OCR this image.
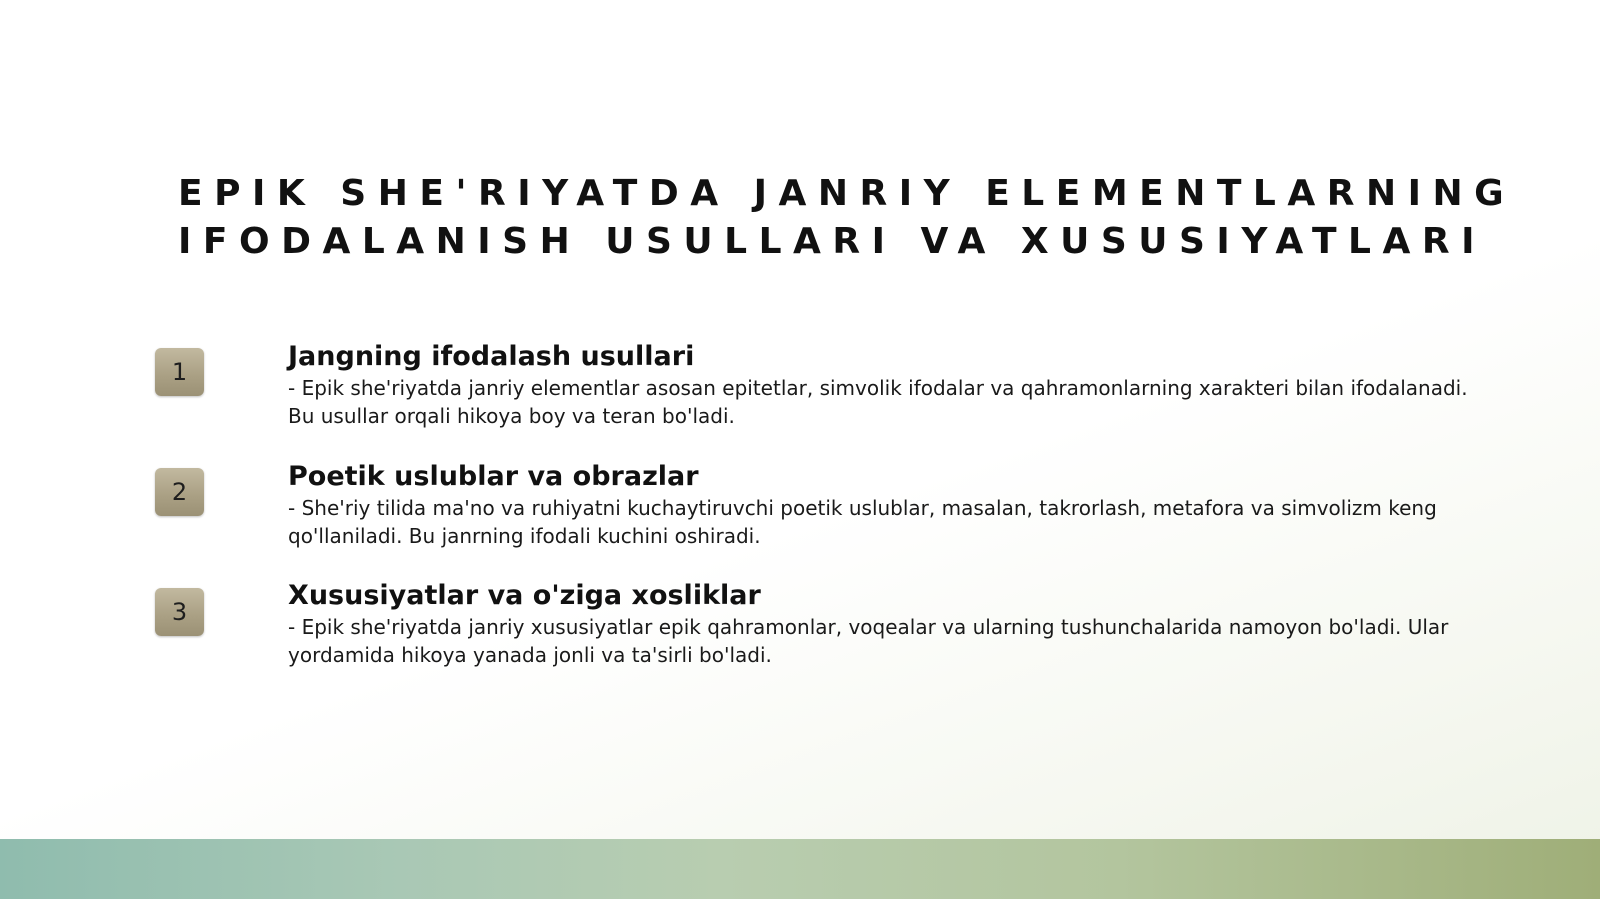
EPIK SHE'RIYATDA JANRIY ELEMENTLARNING
IFODALANISH USULLARI VA XUSUSIYATLARI
1	Jangning ifodalash usullari

- Epik she'riyatda janriy elementlar asosan epitetlar, simvolik ifodalar va qahramonlarning xarakteri bilan ifodalanadi. Bu usullar orqali hikoya boy va teran bo'ladi.

2	Poetik uslublar va obrazlar

- She'riy tilida ma'no va ruhiyatni kuchaytiruvchi poetik uslublar, masalan, takrorlash, metafora va simvolizm keng qo'llaniladi. Bu janrning ifodali kuchini oshiradi.

3
Xususiyatlar va o'ziga xosliklar

- Epik she'riyatda janriy xususiyatlar epik qahramonlar, voqealar va ularning tushunchalarida namoyon bo'ladi. Ular yordamida hikoya yanada jonli va ta'sirli bo'ladi.
